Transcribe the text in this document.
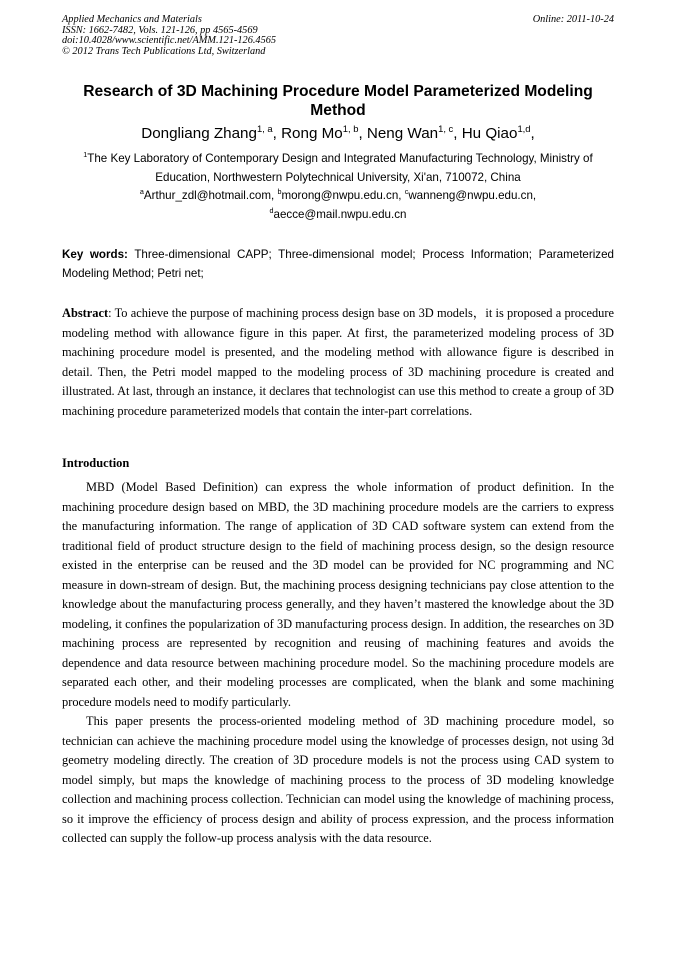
Applied Mechanics and Materials
ISSN: 1662-7482, Vols. 121-126, pp 4565-4569
doi:10.4028/www.scientific.net/AMM.121-126.4565
© 2012 Trans Tech Publications Ltd, Switzerland
Online: 2011-10-24
Research of 3D Machining Procedure Model Parameterized Modeling Method
Dongliang Zhang$^{1, a}$, Rong Mo$^{1, b}$, Neng Wan$^{1, c}$, Hu Qiao$^{1,d}$,
$^1$The Key Laboratory of Contemporary Design and Integrated Manufacturing Technology, Ministry of
Education, Northwestern Polytechnical University, Xi'an, 710072, China
$^a$Arthur_zdl@hotmail.com, $^b$morong@nwpu.edu.cn, $^c$wanneng@nwpu.edu.cn,
$^d$aecce@mail.nwpu.edu.cn
Key words: Three-dimensional CAPP; Three-dimensional model; Process Information; Parameterized Modeling Method; Petri net;
Abstract: To achieve the purpose of machining process design base on 3D models，it is proposed a procedure modeling method with allowance figure in this paper. At first, the parameterized modeling process of 3D machining procedure model is presented, and the modeling method with allowance figure is described in detail. Then, the Petri model mapped to the modeling process of 3D machining procedure is created and illustrated. At last, through an instance, it declares that technologist can use this method to create a group of 3D machining procedure parameterized models that contain the inter-part correlations.
Introduction

MBD (Model Based Definition) can express the whole information of product definition. In the machining procedure design based on MBD, the 3D machining procedure models are the carriers to express the manufacturing information. The range of application of 3D CAD software system can extend from the traditional field of product structure design to the field of machining process design, so the design resource existed in the enterprise can be reused and the 3D model can be provided for NC programming and NC measure in down-stream of design. But, the machining process designing technicians pay close attention to the knowledge about the manufacturing process generally, and they haven’t mastered the knowledge about the 3D modeling, it confines the popularization of 3D manufacturing process design. In addition, the researches on 3D machining process are represented by recognition and reusing of machining features and avoids the dependence and data resource between machining procedure model. So the machining procedure models are separated each other, and their modeling processes are complicated, when the blank and some machining procedure models need to modify particularly.

This paper presents the process-oriented modeling method of 3D machining procedure model, so technician can achieve the machining procedure model using the knowledge of processes design, not using 3d geometry modeling directly. The creation of 3D procedure models is not the process using CAD system to model simply, but maps the knowledge of machining process to the process of 3D modeling knowledge collection and machining process collection. Technician can model using the knowledge of machining process, so it improve the efficiency of process design and ability of process expression, and the process information collected can supply the follow-up process analysis with the data resource.
